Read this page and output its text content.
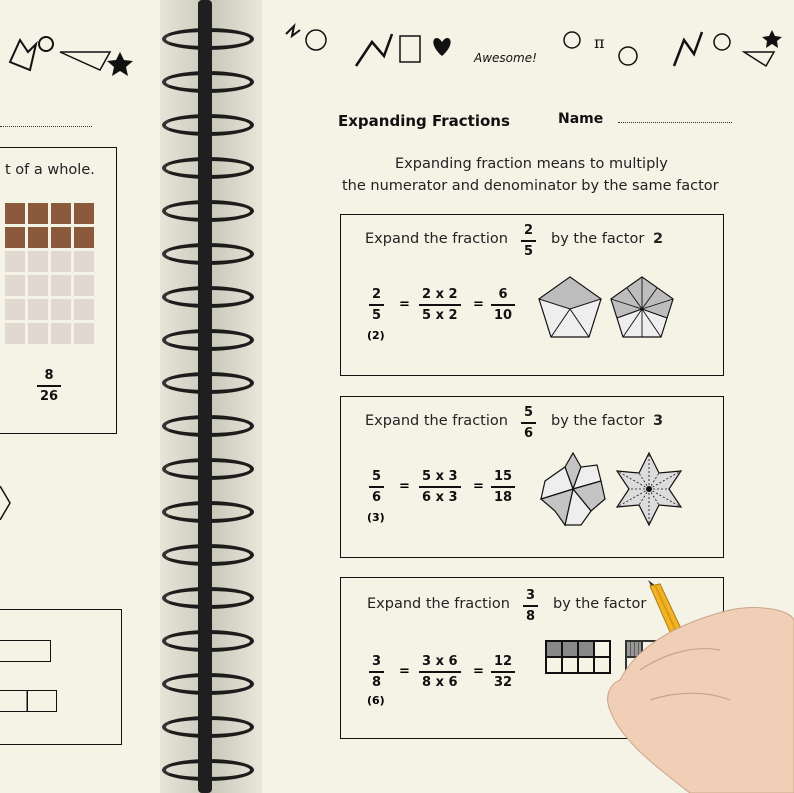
t of a whole.
8
26
Awesome!
π
Expanding Fractions	Name
Expanding fraction means to multiply
the numerator and denominator by the same factor
Expand the fraction
2
5
by the factor 2
2
5
=
2 x 2
5 x 2
=
6
10
(2)
Expand the fraction
5
6
by the factor 3
5
6
=
5 x 3
6 x 3
=
15
18
(3)
Expand the fraction
3
8
by the factor
3
8
=
3 x 6
8 x 6
=
12
32
(6)
